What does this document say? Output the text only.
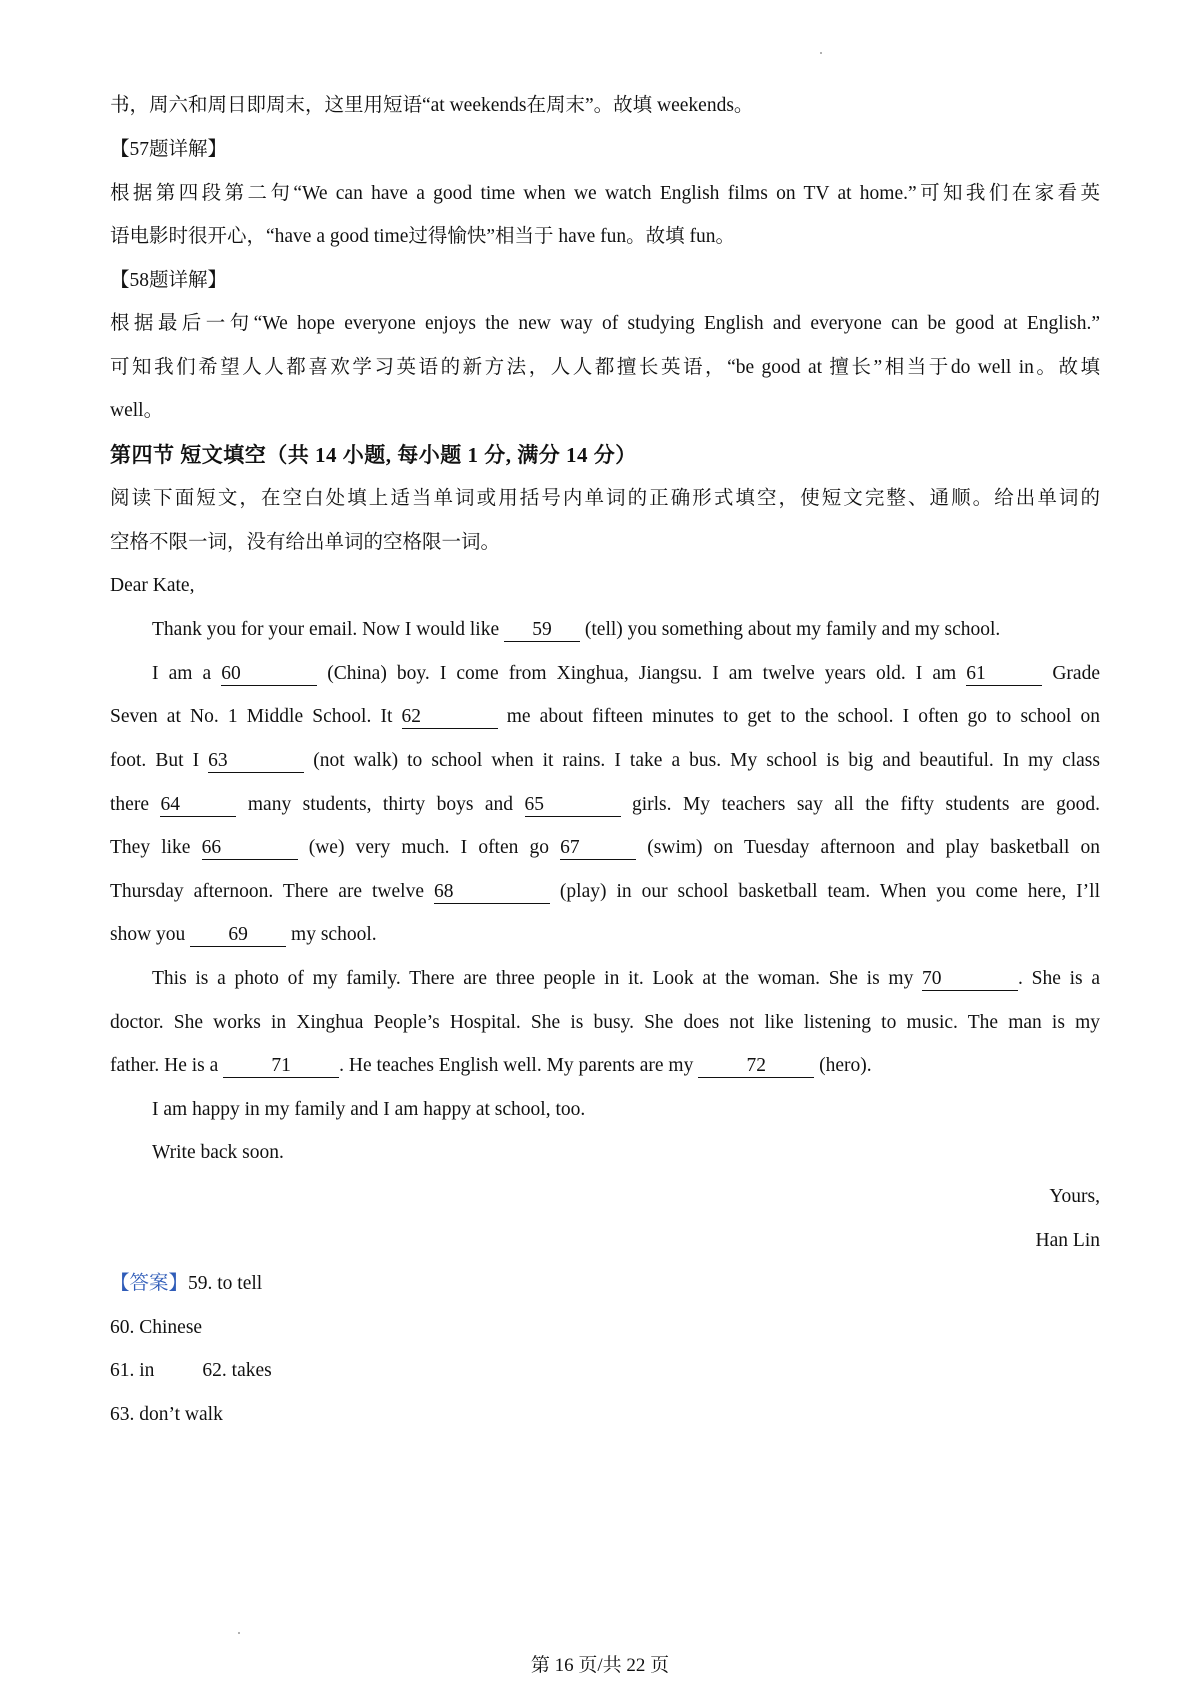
书，周六和周日即周末，这里用短语“at weekends在周末”。故填 weekends。
【57题详解】
根据第四段第二句“We can have a good time when we watch English films on TV at home.”可知我们在家看英
语电影时很开心，“have a good time过得愉快”相当于 have fun。故填 fun。
【58题详解】
根据最后一句“We hope everyone enjoys the new way of studying English and everyone can be good at English.”
可知我们希望人人都喜欢学习英语的新方法，人人都擅长英语，“be good at 擅长”相当于do well in。故填
well。
第四节 短文填空（共 14 小题, 每小题 1 分, 满分 14 分）
阅读下面短文，在空白处填上适当单词或用括号内单词的正确形式填空，使短文完整、通顺。给出单词的
空格不限一词，没有给出单词的空格限一词。
Dear Kate,
Thank you for your email. Now I would like 59 (tell) you something about my family and my school.
I am a 60	(China) boy. I come from Xinghua, Jiangsu. I am twelve years old. I am 61	Grade
Seven at No. 1 Middle School. It 62	me about fifteen minutes to get to the school. I often go to school on
foot. But I 63	(not walk) to school when it rains. I take a bus. My school is big and beautiful. In my class
there 64	many students, thirty boys and 65	girls. My teachers say all the fifty students are good.
They like 66	(we) very much. I often go 67	(swim) on Tuesday afternoon and play basketball on
Thursday afternoon. There are twelve 68	(play) in our school basketball team. When you come here, I’ll
show you 69 my school.
This is a photo of my family. There are three people in it. Look at the woman. She is my 70	. She is a
doctor. She works in Xinghua People’s Hospital. She is busy. She does not like listening to music. The man is my
father. He is a 71 . He teaches English well. My parents are my 72 (hero).
I am happy in my family and I am happy at school, too.
Write back soon.
Yours,
Han Lin
【答案】59. to tell
60. Chinese
61. in 62. takes
63. don’t walk
第 16 页/共 22 页
